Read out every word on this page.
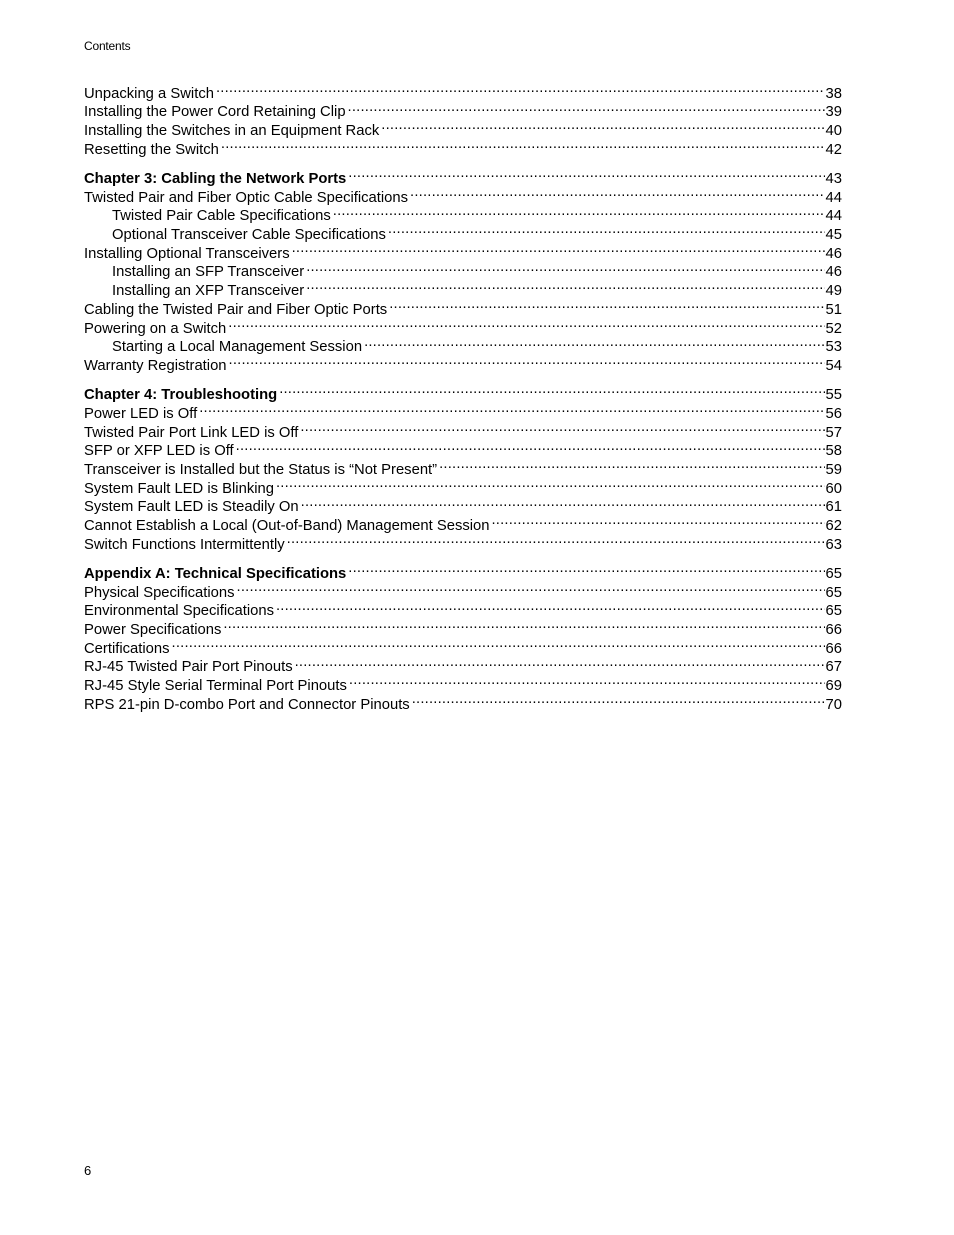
Contents
Unpacking a Switch .....	38
Installing the Power Cord Retaining Clip .....	39
Installing the Switches in an Equipment Rack .....	40
Resetting the Switch .....	42
Chapter 3: Cabling the Network Ports .....	43
Twisted Pair and Fiber Optic Cable Specifications .....	44
Twisted Pair Cable Specifications .....	44
Optional Transceiver Cable Specifications .....	45
Installing Optional Transceivers .....	46
Installing an SFP Transceiver .....	46
Installing an XFP Transceiver .....	49
Cabling the Twisted Pair and Fiber Optic Ports .....	51
Powering on a Switch .....	52
Starting a Local Management Session .....	53
Warranty Registration .....	54
Chapter 4: Troubleshooting .....	55
Power LED is Off .....	56
Twisted Pair Port Link LED is Off .....	57
SFP or XFP LED is Off .....	58
Transceiver is Installed but the Status is “Not Present” .....	59
System Fault LED is Blinking .....	60
System Fault LED is Steadily On .....	61
Cannot Establish a Local (Out-of-Band) Management Session .....	62
Switch Functions Intermittently .....	63
Appendix A: Technical Specifications .....	65
Physical Specifications .....	65
Environmental Specifications .....	65
Power Specifications .....	66
Certifications .....	66
RJ-45 Twisted Pair Port Pinouts .....	67
RJ-45 Style Serial Terminal Port Pinouts .....	69
RPS 21-pin D-combo Port and Connector Pinouts .....	70
6
